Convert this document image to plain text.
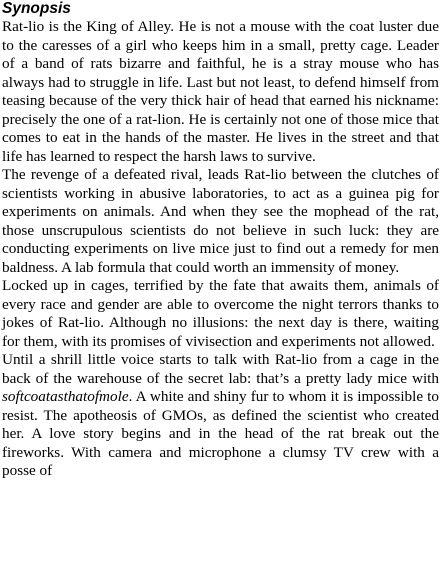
Synopsis

Rat-lio is the King of Alley. He is not a mouse with the coat luster due to the caresses of a girl who keeps him in a small, pretty cage. Leader of a band of rats bizarre and faithful, he is a stray mouse who has always had to struggle in life. Last but not least, to defend himself from teasing because of the very thick hair of head that earned his nickname: precisely the one of a rat-lion. He is certainly not one of those mice that comes to eat in the hands of the master. He lives in the street and that life has learned to respect the harsh laws to survive.

The revenge of a defeated rival, leads Rat-lio between the clutches of scientists working in abusive laboratories, to act as a guinea pig for experiments on animals. And when they see the mophead of the rat, those unscrupulous scientists do not believe in such luck: they are conducting experiments on live mice just to find out a remedy for men baldness. A lab formula that could worth an immensity of money.

Locked up in cages, terrified by the fate that awaits them, animals of every race and gender are able to overcome the night terrors thanks to jokes of Rat-lio. Although no illusions: the next day is there, waiting for them, with its promises of vivisection and experiments not allowed.

Until a shrill little voice starts to talk with Rat-lio from a cage in the back of the warehouse of the secret lab: that’s a pretty lady mice with softcoatasthatofmole. A white and shiny fur to whom it is impossible to resist. The apotheosis of GMOs, as defined the scientist who created her. A love story begins and in the head of the rat break out the fireworks. With camera and microphone a clumsy TV crew with a posse of
